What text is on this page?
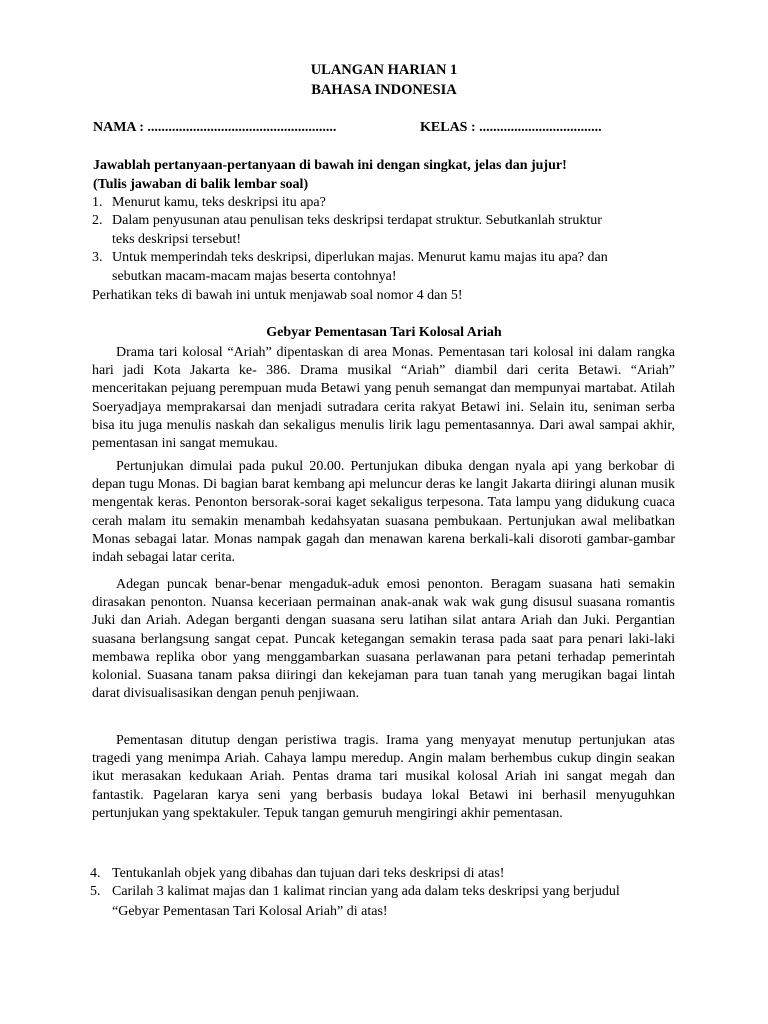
ULANGAN HARIAN 1
BAHASA INDONESIA
NAMA : ......................................................	KELAS : ...................................
Jawablah pertanyaan-pertanyaan di bawah ini dengan singkat, jelas dan jujur!
(Tulis jawaban di balik lembar soal)
1. Menurut kamu, teks deskripsi itu apa?
2. Dalam penyusunan atau penulisan teks deskripsi terdapat struktur. Sebutkanlah struktur
teks deskripsi tersebut!
3. Untuk memperindah teks deskripsi, diperlukan majas. Menurut kamu majas itu apa? dan
sebutkan macam-macam majas beserta contohnya!
Perhatikan teks di bawah ini untuk menjawab soal nomor 4 dan 5!
Gebyar Pementasan Tari Kolosal Ariah
Drama tari kolosal “Ariah” dipentaskan di area Monas. Pementasan tari kolosal ini dalam rangka hari jadi Kota Jakarta ke- 386. Drama musikal “Ariah” diambil dari cerita Betawi. “Ariah” menceritakan pejuang perempuan muda Betawi yang penuh semangat dan mempunyai martabat. Atilah Soeryadjaya memprakarsai dan menjadi sutradara cerita rakyat Betawi ini. Selain itu, seniman serba bisa itu juga menulis naskah dan sekaligus menulis lirik lagu pementasannya. Dari awal sampai akhir, pementasan ini sangat memukau.
Pertunjukan dimulai pada pukul 20.00. Pertunjukan dibuka dengan nyala api yang berkobar di depan tugu Monas. Di bagian barat kembang api meluncur deras ke langit Jakarta diiringi alunan musik mengentak keras. Penonton bersorak-sorai kaget sekaligus terpesona. Tata lampu yang didukung cuaca cerah malam itu semakin menambah kedahsyatan suasana pembukaan. Pertunjukan awal melibatkan Monas sebagai latar. Monas nampak gagah dan menawan karena berkali-kali disoroti gambar-gambar indah sebagai latar cerita.
Adegan puncak benar-benar mengaduk-aduk emosi penonton. Beragam suasana hati semakin dirasakan penonton. Nuansa keceriaan permainan anak-anak wak wak gung disusul suasana romantis Juki dan Ariah. Adegan berganti dengan suasana seru latihan silat antara Ariah dan Juki. Pergantian suasana berlangsung sangat cepat. Puncak ketegangan semakin terasa pada saat para penari laki-laki membawa replika obor yang menggambarkan suasana perlawanan para petani terhadap pemerintah kolonial. Suasana tanam paksa diiringi dan kekejaman para tuan tanah yang merugikan bagai lintah darat divisualisasikan dengan penuh penjiwaan.
Pementasan ditutup dengan peristiwa tragis. Irama yang menyayat menutup pertunjukan atas tragedi yang menimpa Ariah. Cahaya lampu meredup. Angin malam berhembus cukup dingin seakan ikut merasakan kedukaan Ariah. Pentas drama tari musikal kolosal Ariah ini sangat megah dan fantastik. Pagelaran karya seni yang berbasis budaya lokal Betawi ini berhasil menyuguhkan pertunjukan yang spektakuler. Tepuk tangan gemuruh mengiringi akhir pementasan.
4. Tentukanlah objek yang dibahas dan tujuan dari teks deskripsi di atas!
5. Carilah 3 kalimat majas dan 1 kalimat rincian yang ada dalam teks deskripsi yang berjudul
“Gebyar Pementasan Tari Kolosal Ariah” di atas!
